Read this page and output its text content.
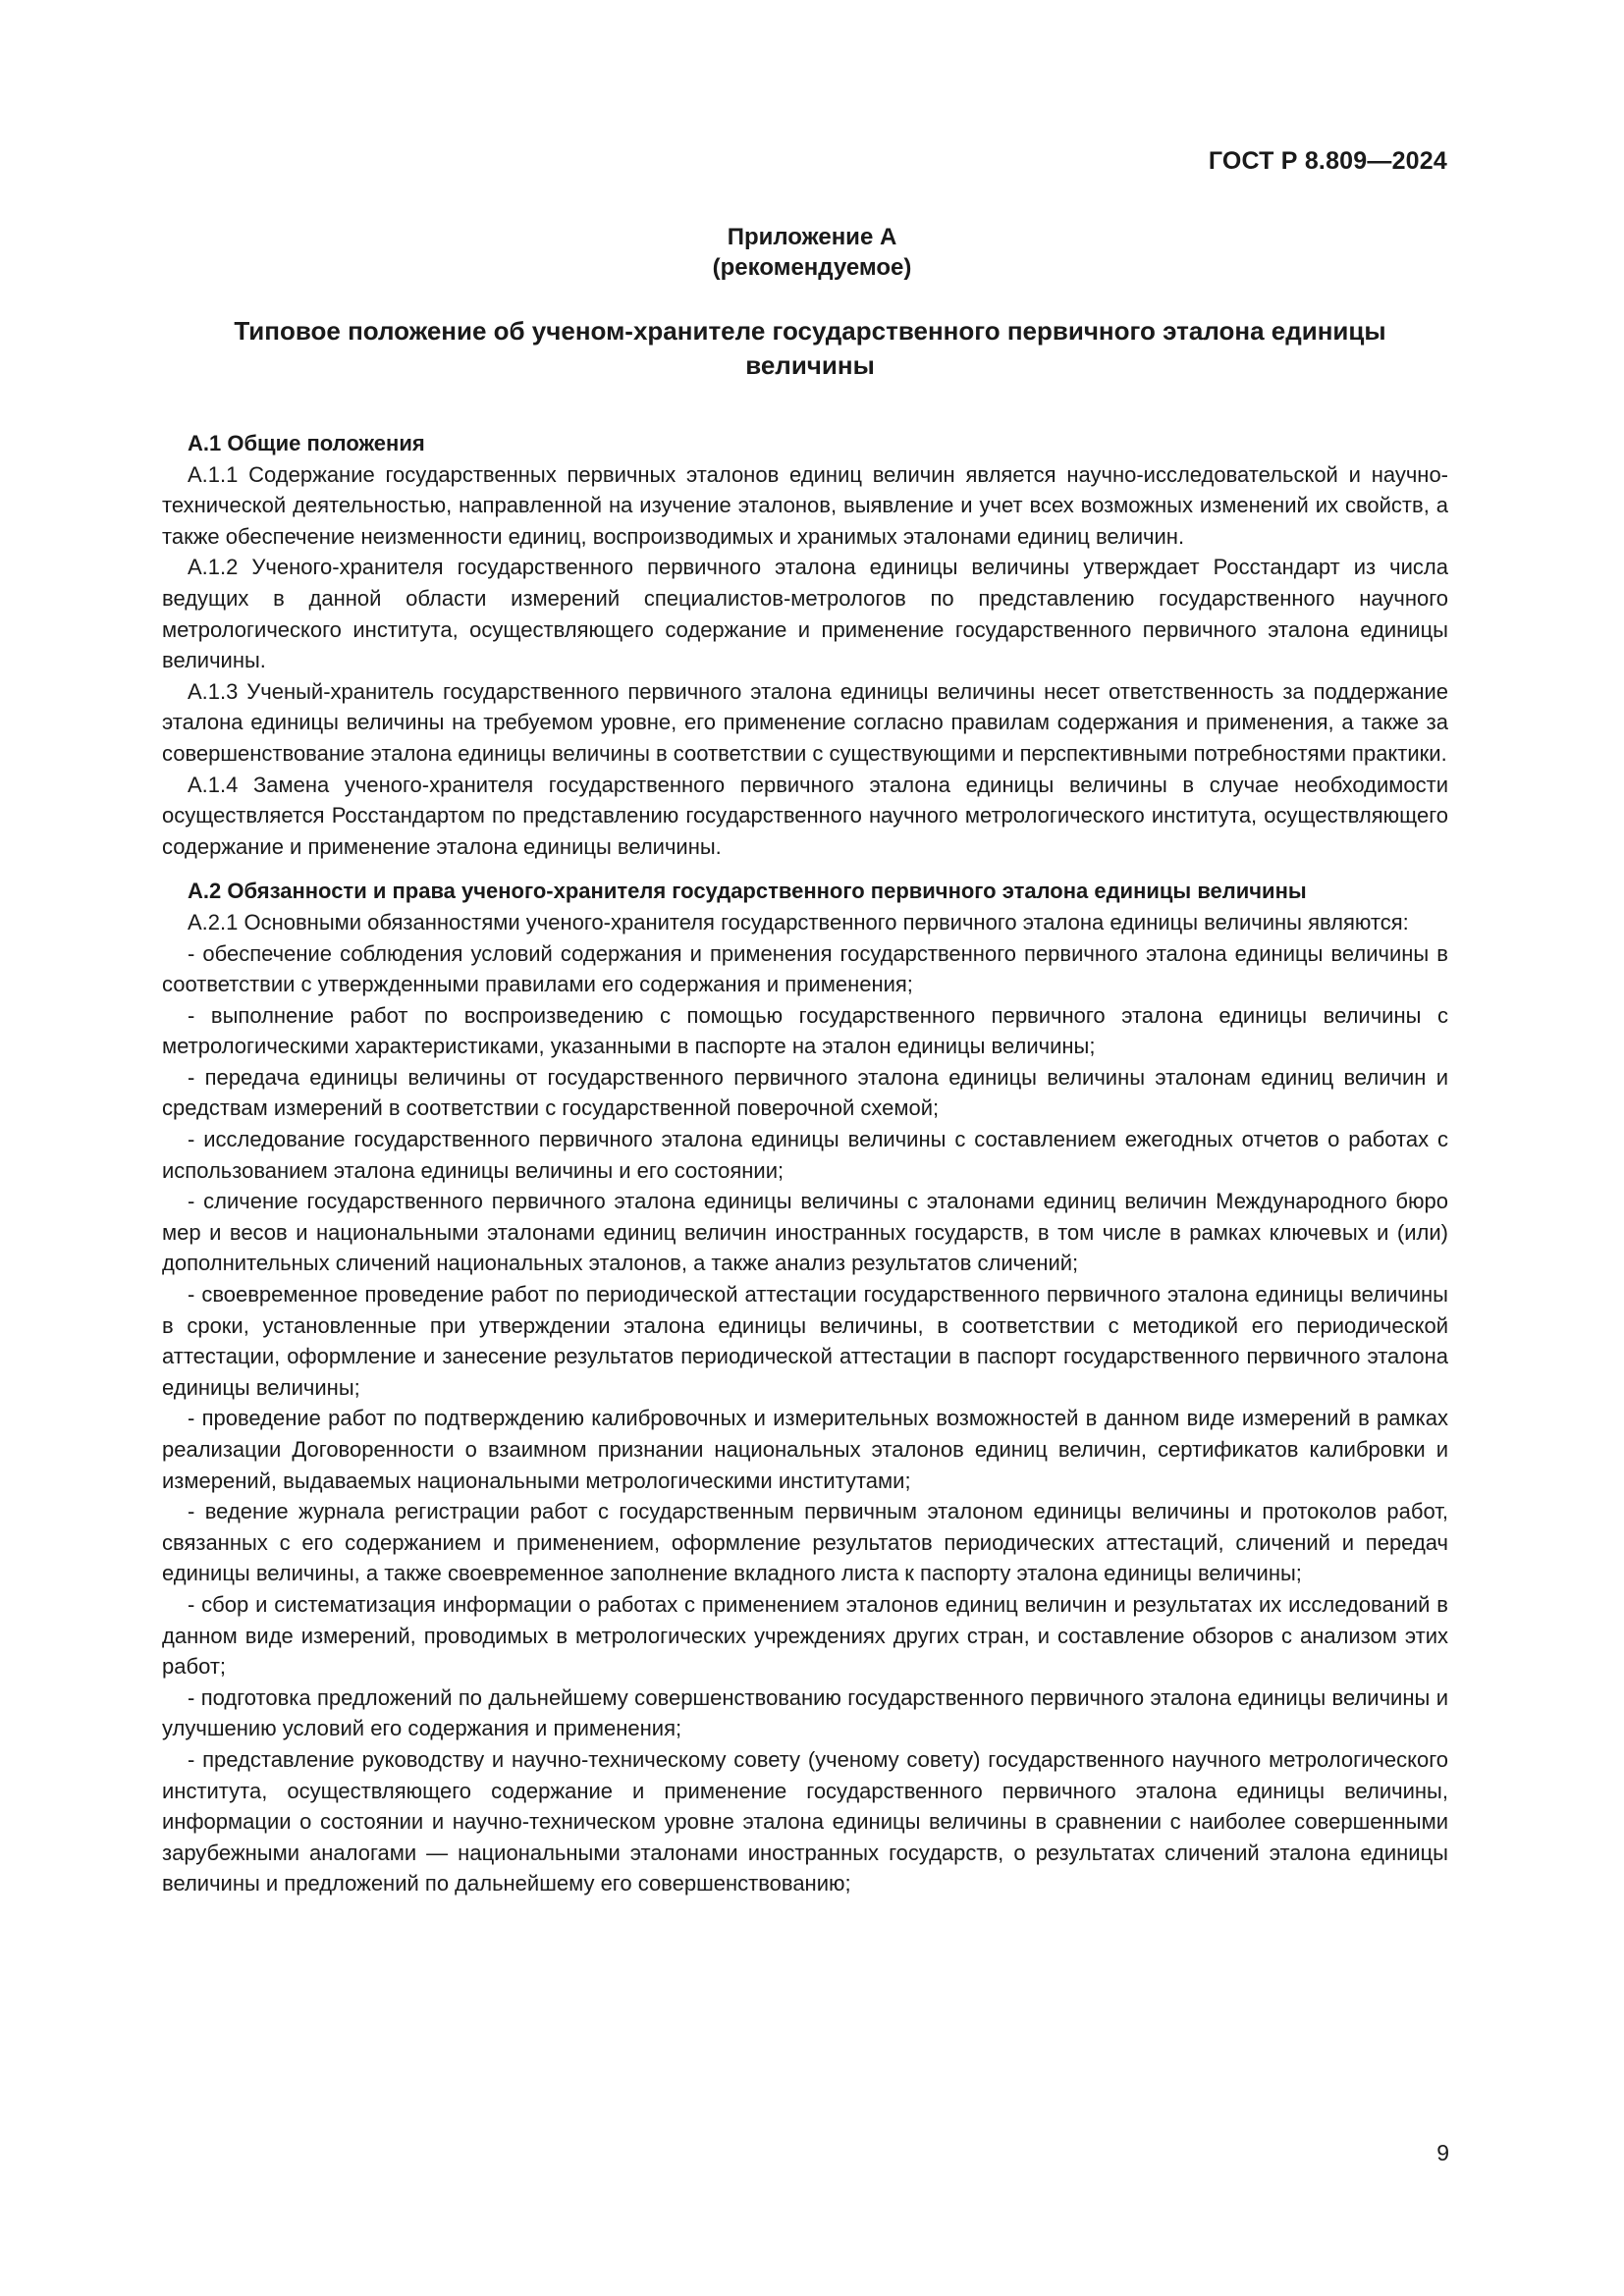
ГОСТ Р 8.809—2024
Приложение А
(рекомендуемое)
Типовое положение об ученом-хранителе государственного первичного эталона единицы величины

А.1 Общие положения

А.1.1 Содержание государственных первичных эталонов единиц величин является научно-исследовательской и научно-технической деятельностью, направленной на изучение эталонов, выявление и учет всех возможных изменений их свойств, а также обеспечение неизменности единиц, воспроизводимых и хранимых эталонами единиц величин.

А.1.2 Ученого-хранителя государственного первичного эталона единицы величины утверждает Росстандарт из числа ведущих в данной области измерений специалистов-метрологов по представлению государственного научного метрологического института, осуществляющего содержание и применение государственного первичного эталона единицы величины.

А.1.3 Ученый-хранитель государственного первичного эталона единицы величины несет ответственность за поддержание эталона единицы величины на требуемом уровне, его применение согласно правилам содержания и применения, а также за совершенствование эталона единицы величины в соответствии с существующими и перспективными потребностями практики.

А.1.4 Замена ученого-хранителя государственного первичного эталона единицы величины в случае необходимости осуществляется Росстандартом по представлению государственного научного метрологического института, осуществляющего содержание и применение эталона единицы величины.

А.2 Обязанности и права ученого-хранителя государственного первичного эталона единицы величины

А.2.1 Основными обязанностями ученого-хранителя государственного первичного эталона единицы величины являются:

- обеспечение соблюдения условий содержания и применения государственного первичного эталона единицы величины в соответствии с утвержденными правилами его содержания и применения;

- выполнение работ по воспроизведению с помощью государственного первичного эталона единицы величины с метрологическими характеристиками, указанными в паспорте на эталон единицы величины;

- передача единицы величины от государственного первичного эталона единицы величины эталонам единиц величин и средствам измерений в соответствии с государственной поверочной схемой;

- исследование государственного первичного эталона единицы величины с составлением ежегодных отчетов о работах с использованием эталона единицы величины и его состоянии;

- сличение государственного первичного эталона единицы величины с эталонами единиц величин Международного бюро мер и весов и национальными эталонами единиц величин иностранных государств, в том числе в рамках ключевых и (или) дополнительных сличений национальных эталонов, а также анализ результатов сличений;

- своевременное проведение работ по периодической аттестации государственного первичного эталона единицы величины в сроки, установленные при утверждении эталона единицы величины, в соответствии с методикой его периодической аттестации, оформление и занесение результатов периодической аттестации в паспорт государственного первичного эталона единицы величины;

- проведение работ по подтверждению калибровочных и измерительных возможностей в данном виде измерений в рамках реализации Договоренности о взаимном признании национальных эталонов единиц величин, сертификатов калибровки и измерений, выдаваемых национальными метрологическими институтами;

- ведение журнала регистрации работ с государственным первичным эталоном единицы величины и протоколов работ, связанных с его содержанием и применением, оформление результатов периодических аттестаций, сличений и передач единицы величины, а также своевременное заполнение вкладного листа к паспорту эталона единицы величины;

- сбор и систематизация информации о работах с применением эталонов единиц величин и результатах их исследований в данном виде измерений, проводимых в метрологических учреждениях других стран, и составление обзоров с анализом этих работ;

- подготовка предложений по дальнейшему совершенствованию государственного первичного эталона единицы величины и улучшению условий его содержания и применения;

- представление руководству и научно-техническому совету (ученому совету) государственного научного метрологического института, осуществляющего содержание и применение государственного первичного эталона единицы величины, информации о состоянии и научно-техническом уровне эталона единицы величины в сравнении с наиболее совершенными зарубежными аналогами — национальными эталонами иностранных государств, о результатах сличений эталона единицы величины и предложений по дальнейшему его совершенствованию;

9
